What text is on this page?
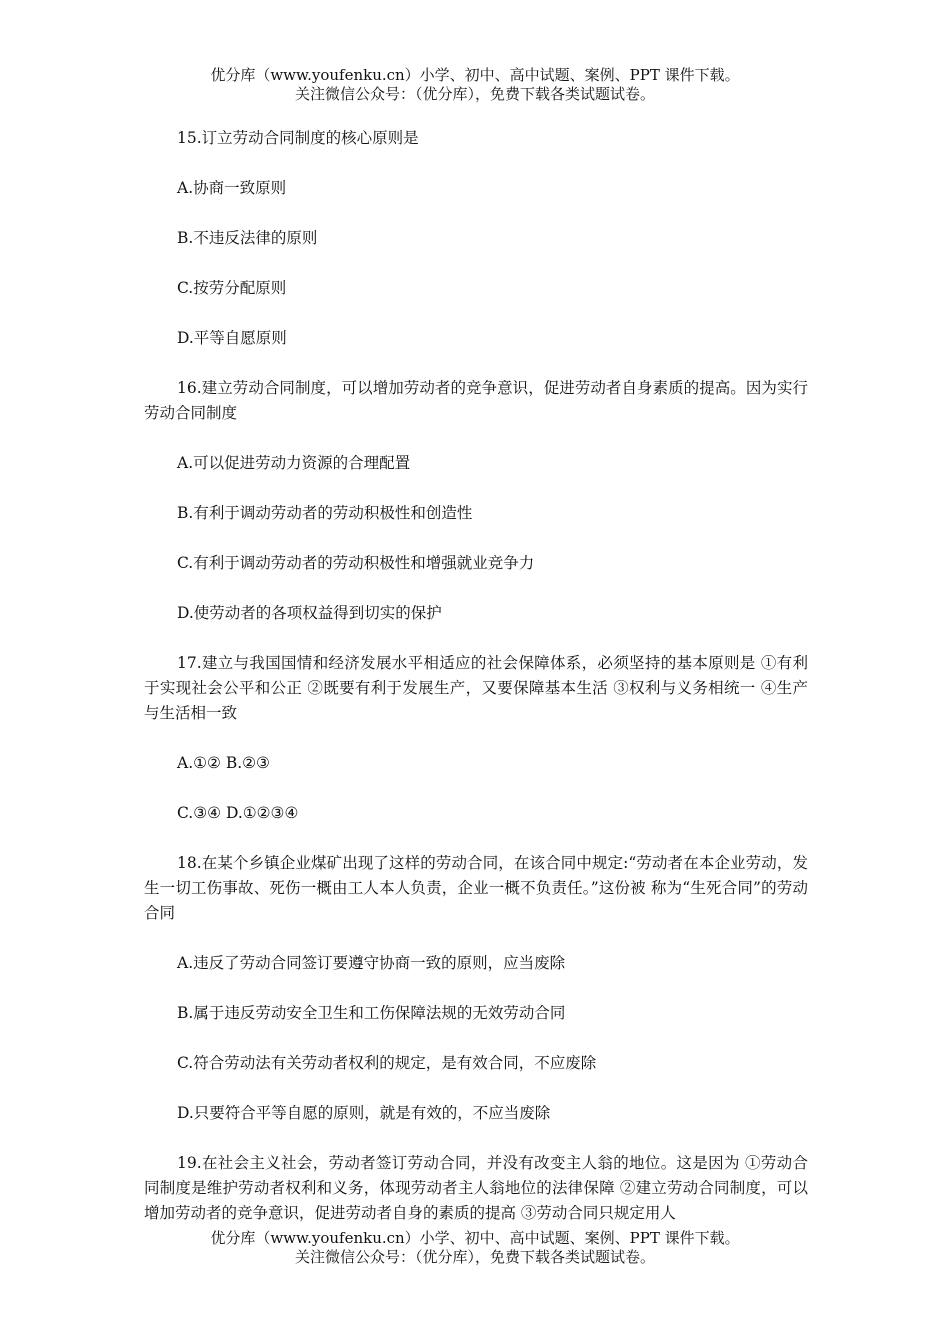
优分库（www.youfenku.cn）小学、初中、高中试题、案例、PPT 课件下载。
关注微信公众号：（优分库），免费下载各类试题试卷。

15.订立劳动合同制度的核心原则是

A.协商一致原则

B.不违反法律的原则

C.按劳分配原则

D.平等自愿原则

16.建立劳动合同制度，可以增加劳动者的竞争意识，促进劳动者自身素质的提高。因为实行劳动合同制度

A.可以促进劳动力资源的合理配置

B.有利于调动劳动者的劳动积极性和创造性

C.有利于调动劳动者的劳动积极性和增强就业竞争力

D.使劳动者的各项权益得到切实的保护

17.建立与我国国情和经济发展水平相适应的社会保障体系，必须坚持的基本原则是 ①有利于实现社会公平和公正 ②既要有利于发展生产，又要保障基本生活 ③权利与义务相统一 ④生产与生活相一致

A.①② B.②③

C.③④ D.①②③④

18.在某个乡镇企业煤矿出现了这样的劳动合同，在该合同中规定:“劳动者在本企业劳动，发生一切工伤事故、死伤一概由工人本人负责，企业一概不负责任。”这份被 称为“生死合同”的劳动合同

A.违反了劳动合同签订要遵守协商一致的原则，应当废除

B.属于违反劳动安全卫生和工伤保障法规的无效劳动合同

C.符合劳动法有关劳动者权利的规定，是有效合同，不应废除

D.只要符合平等自愿的原则，就是有效的，不应当废除

19.在社会主义社会，劳动者签订劳动合同，并没有改变主人翁的地位。这是因为 ①劳动合同制度是维护劳动者权利和义务，体现劳动者主人翁地位的法律保障 ②建立劳动合同制度，可以增加劳动者的竞争意识，促进劳动者自身的素质的提高 ③劳动合同只规定用人

优分库（www.youfenku.cn）小学、初中、高中试题、案例、PPT 课件下载。
关注微信公众号：（优分库），免费下载各类试题试卷。
